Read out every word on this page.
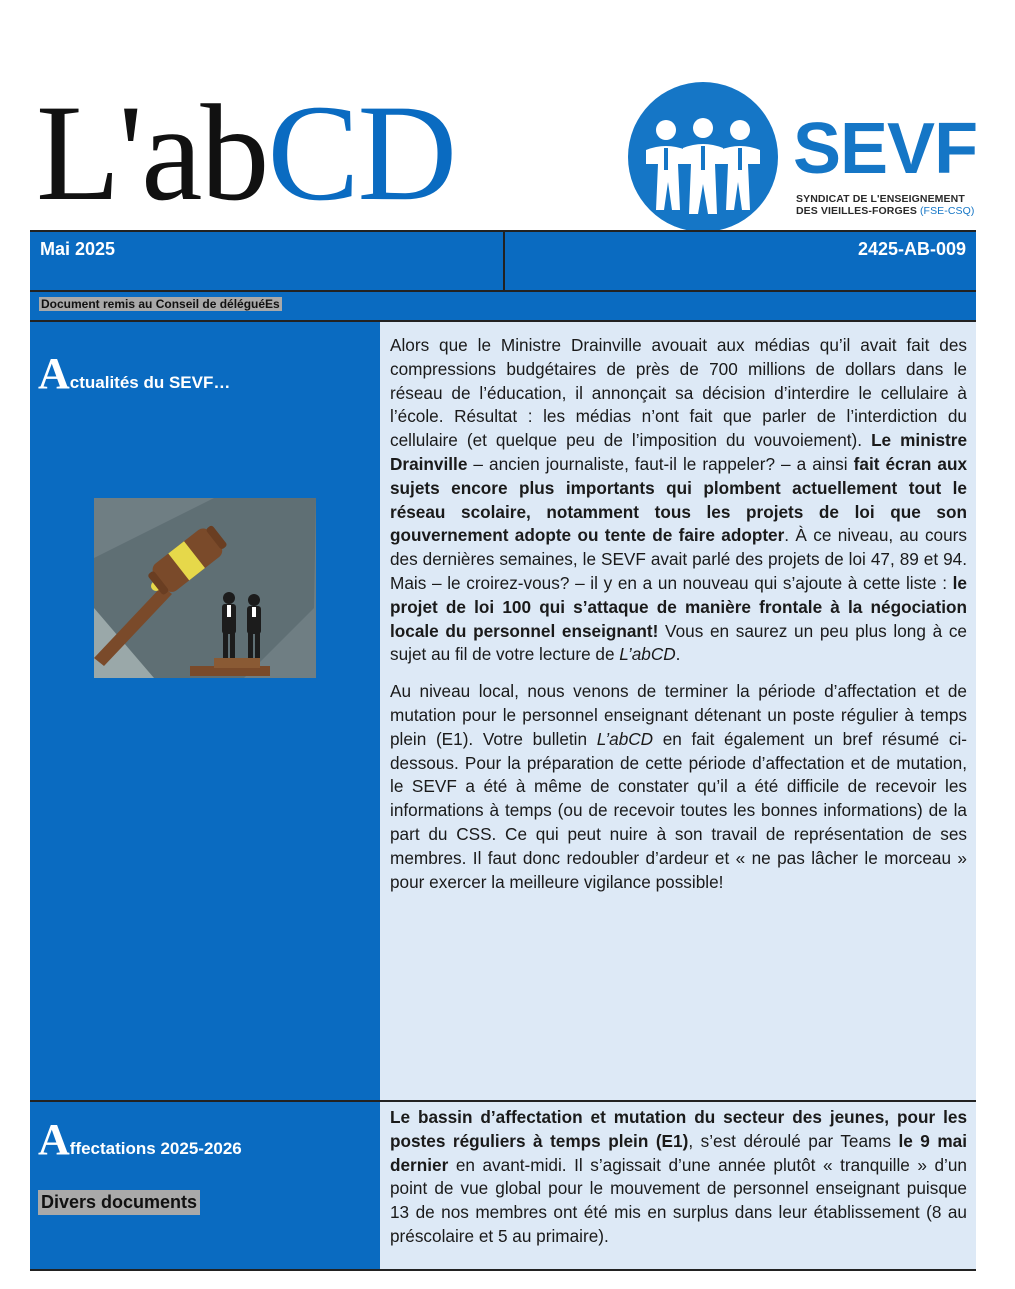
L'abCD	SEVF
SYNDICAT DE L'ENSEIGNEMENT
DES VIEILLES-FORGES (FSE-CSQ)
Mai 2025	2425-AB-009
Document remis au Conseil de déléguéEs
Actualités du SEVF…

Alors que le Ministre Drainville avouait aux médias qu’il avait fait des compressions budgétaires de près de 700 millions de dollars dans le réseau de l’éducation, il annonçait sa décision d’interdire le cellulaire à l’école. Résultat : les médias n’ont fait que parler de l’interdiction du cellulaire (et quelque peu de l’imposition du vouvoiement). Le ministre Drainville – ancien journaliste, faut-il le rappeler? – a ainsi fait écran aux sujets encore plus importants qui plombent actuellement tout le réseau scolaire, notamment tous les projets de loi que son gouvernement adopte ou tente de faire adopter. À ce niveau, au cours des dernières semaines, le SEVF avait parlé des projets de loi 47, 89 et 94. Mais – le croirez-vous? – il y en a un nouveau qui s’ajoute à cette liste : le projet de loi 100 qui s’attaque de manière frontale à la négociation locale du personnel enseignant! Vous en saurez un peu plus long à ce sujet au fil de votre lecture de L’abCD.

Au niveau local, nous venons de terminer la période d’affectation et de mutation pour le personnel enseignant détenant un poste régulier à temps plein (E1). Votre bulletin L’abCD en fait également un bref résumé ci-dessous. Pour la préparation de cette période d’affectation et de mutation, le SEVF a été à même de constater qu’il a été difficile de recevoir les informations à temps (ou de recevoir toutes les bonnes informations) de la part du CSS. Ce qui peut nuire à son travail de représentation de ses membres. Il faut donc redoubler d’ardeur et « ne pas lâcher le morceau » pour exercer la meilleure vigilance possible!

Affectations 2025-2026
Divers documents

Le bassin d’affectation et mutation du secteur des jeunes, pour les postes réguliers à temps plein (E1), s’est déroulé par Teams le 9 mai dernier en avant-midi. Il s’agissait d’une année plutôt « tranquille » d’un point de vue global pour le mouvement de personnel enseignant puisque 13 de nos membres ont été mis en surplus dans leur établissement (8 au préscolaire et 5 au primaire).
